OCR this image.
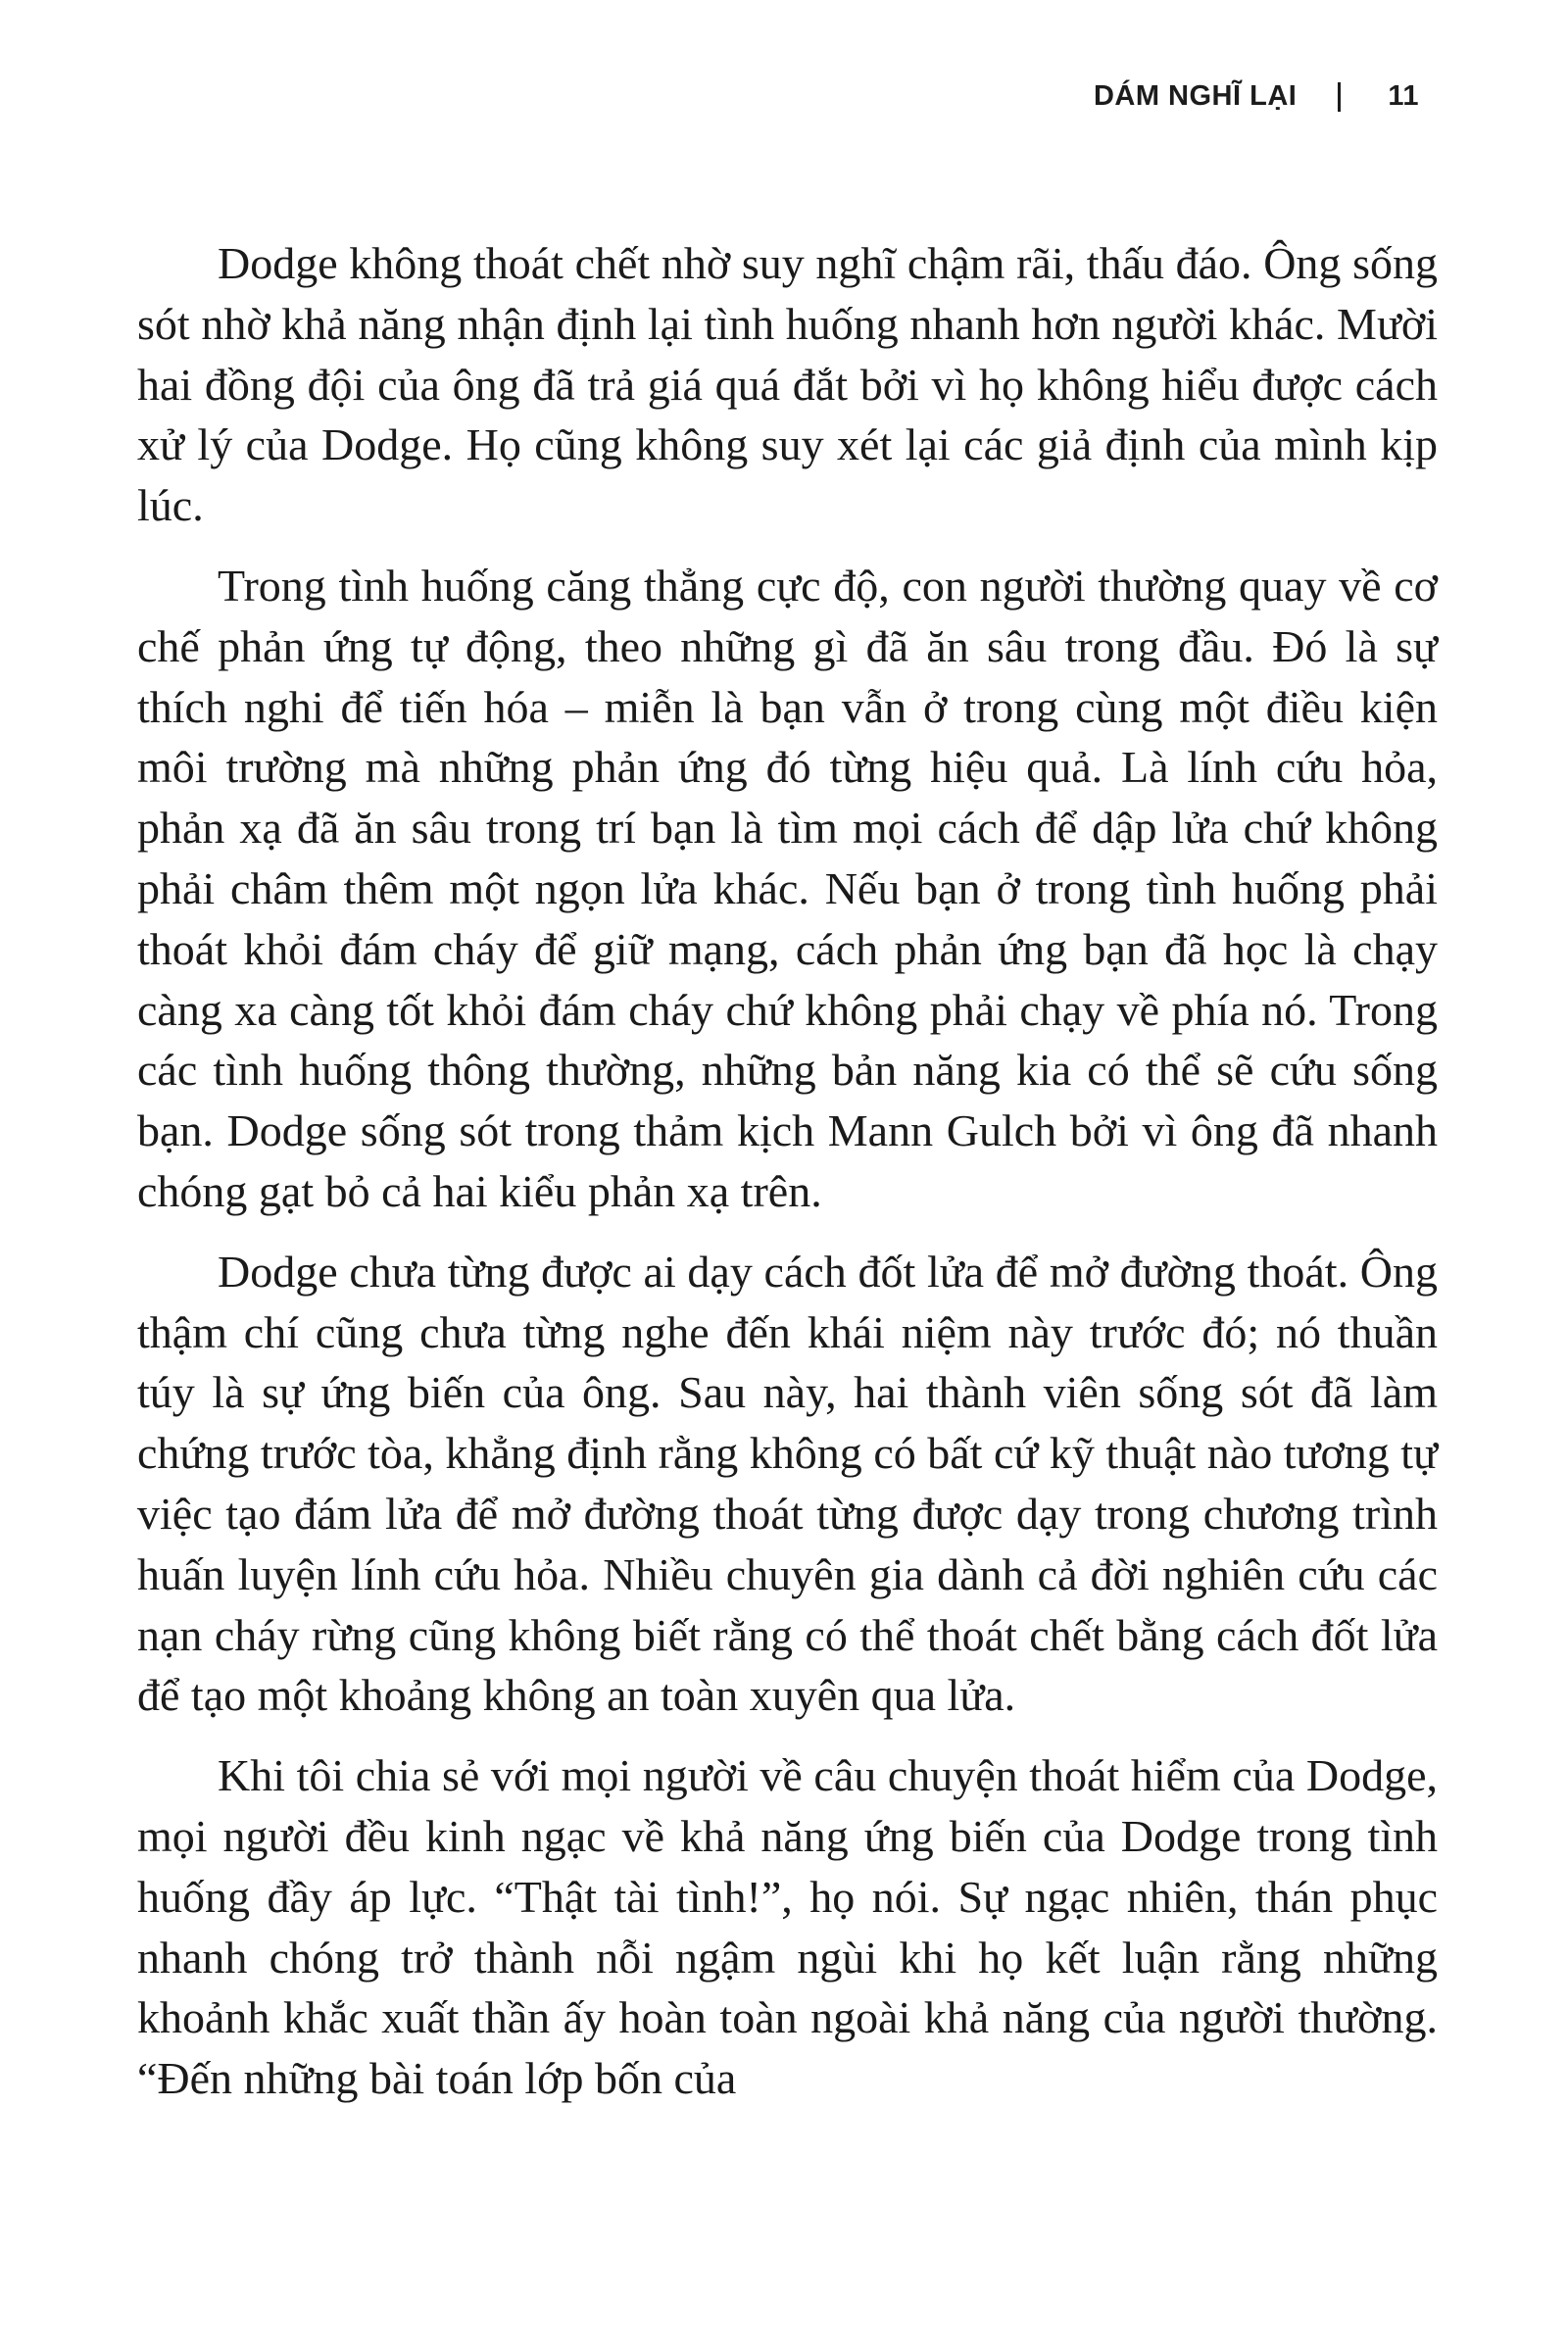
DÁM NGHĨ LẠI	11

Dodge không thoát chết nhờ suy nghĩ chậm rãi, thấu đáo. Ông sống sót nhờ khả năng nhận định lại tình huống nhanh hơn người khác. Mười hai đồng đội của ông đã trả giá quá đắt bởi vì họ không hiểu được cách xử lý của Dodge. Họ cũng không suy xét lại các giả định của mình kịp lúc.

Trong tình huống căng thẳng cực độ, con người thường quay về cơ chế phản ứng tự động, theo những gì đã ăn sâu trong đầu. Đó là sự thích nghi để tiến hóa – miễn là bạn vẫn ở trong cùng một điều kiện môi trường mà những phản ứng đó từng hiệu quả. Là lính cứu hỏa, phản xạ đã ăn sâu trong trí bạn là tìm mọi cách để dập lửa chứ không phải châm thêm một ngọn lửa khác. Nếu bạn ở trong tình huống phải thoát khỏi đám cháy để giữ mạng, cách phản ứng bạn đã học là chạy càng xa càng tốt khỏi đám cháy chứ không phải chạy về phía nó. Trong các tình huống thông thường, những bản năng kia có thể sẽ cứu sống bạn. Dodge sống sót trong thảm kịch Mann Gulch bởi vì ông đã nhanh chóng gạt bỏ cả hai kiểu phản xạ trên.

Dodge chưa từng được ai dạy cách đốt lửa để mở đường thoát. Ông thậm chí cũng chưa từng nghe đến khái niệm này trước đó; nó thuần túy là sự ứng biến của ông. Sau này, hai thành viên sống sót đã làm chứng trước tòa, khẳng định rằng không có bất cứ kỹ thuật nào tương tự việc tạo đám lửa để mở đường thoát từng được dạy trong chương trình huấn luyện lính cứu hỏa. Nhiều chuyên gia dành cả đời nghiên cứu các nạn cháy rừng cũng không biết rằng có thể thoát chết bằng cách đốt lửa để tạo một khoảng không an toàn xuyên qua lửa.

Khi tôi chia sẻ với mọi người về câu chuyện thoát hiểm của Dodge, mọi người đều kinh ngạc về khả năng ứng biến của Dodge trong tình huống đầy áp lực. “Thật tài tình!”, họ nói. Sự ngạc nhiên, thán phục nhanh chóng trở thành nỗi ngậm ngùi khi họ kết luận rằng những khoảnh khắc xuất thần ấy hoàn toàn ngoài khả năng của người thường. “Đến những bài toán lớp bốn của
